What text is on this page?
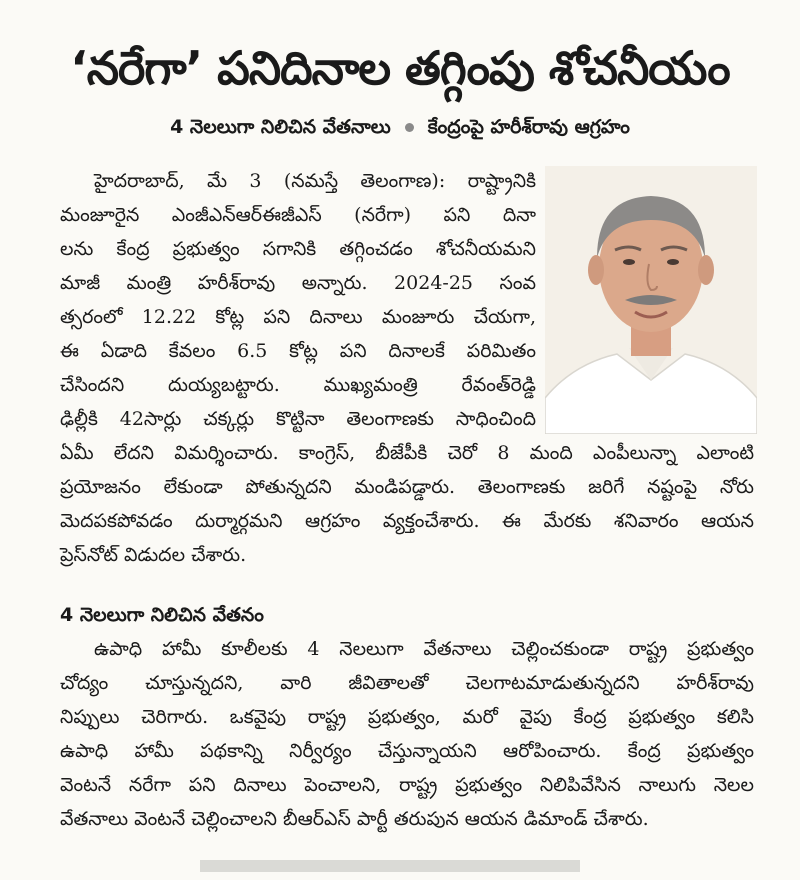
‘నరేగా’ పనిదినాల తగ్గింపు శోచనీయం
4 నెలలుగా నిలిచిన వేతనాలు కేంద్రంపై హరీశ్‌రావు ఆగ్రహం
హైదరాబాద్, మే 3 (నమస్తే తెలంగాణ): రాష్ట్రానికి
మంజూరైన ఎంజీఎన్‌ఆర్‌ఈజీఎస్ (నరేగా) పని దినా
లను కేంద్ర ప్రభుత్వం సగానికి తగ్గించడం శోచనీయమని
మాజీ మంత్రి హరీశ్‌రావు అన్నారు. 2024-25 సంవ
త్సరంలో 12.22 కోట్ల పని దినాలు మంజూరు చేయగా,
ఈ ఏడాది కేవలం 6.5 కోట్ల పని దినాలకే పరిమితం
చేసిందని దుయ్యబట్టారు. ముఖ్యమంత్రి రేవంత్‌రెడ్డి
ఢిల్లీకి 42సార్లు చక్కర్లు కొట్టినా తెలంగాణకు సాధించింది
ఏమీ లేదని విమర్శించారు. కాంగ్రెస్, బీజేపీకి చెరో 8 మంది ఎంపీలున్నా ఎలాంటి
ప్రయోజనం లేకుండా పోతున్నదని మండిపడ్డారు. తెలంగాణకు జరిగే నష్టంపై నోరు
మెదపకపోవడం దుర్మార్గమని ఆగ్రహం వ్యక్తంచేశారు. ఈ మేరకు శనివారం ఆయన
ప్రెస్‌నోట్ విడుదల చేశారు.
4 నెలలుగా నిలిచిన వేతనం
ఉపాధి హామీ కూలీలకు 4 నెలలుగా వేతనాలు చెల్లించకుండా రాష్ట్ర ప్రభుత్వం
చోద్యం చూస్తున్నదని, వారి జీవితాలతో చెలగాటమాడుతున్నదని హరీశ్‌రావు
నిప్పులు చెరిగారు. ఒకవైపు రాష్ట్ర ప్రభుత్వం, మరో వైపు కేంద్ర ప్రభుత్వం కలిసి
ఉపాధి హామీ పథకాన్ని నిర్వీర్యం చేస్తున్నాయని ఆరోపించారు. కేంద్ర ప్రభుత్వం
వెంటనే నరేగా పని దినాలు పెంచాలని, రాష్ట్ర ప్రభుత్వం నిలిపివేసిన నాలుగు నెలల
వేతనాలు వెంటనే చెల్లించాలని బీఆర్‌ఎస్ పార్టీ తరుపున ఆయన డిమాండ్ చేశారు.
